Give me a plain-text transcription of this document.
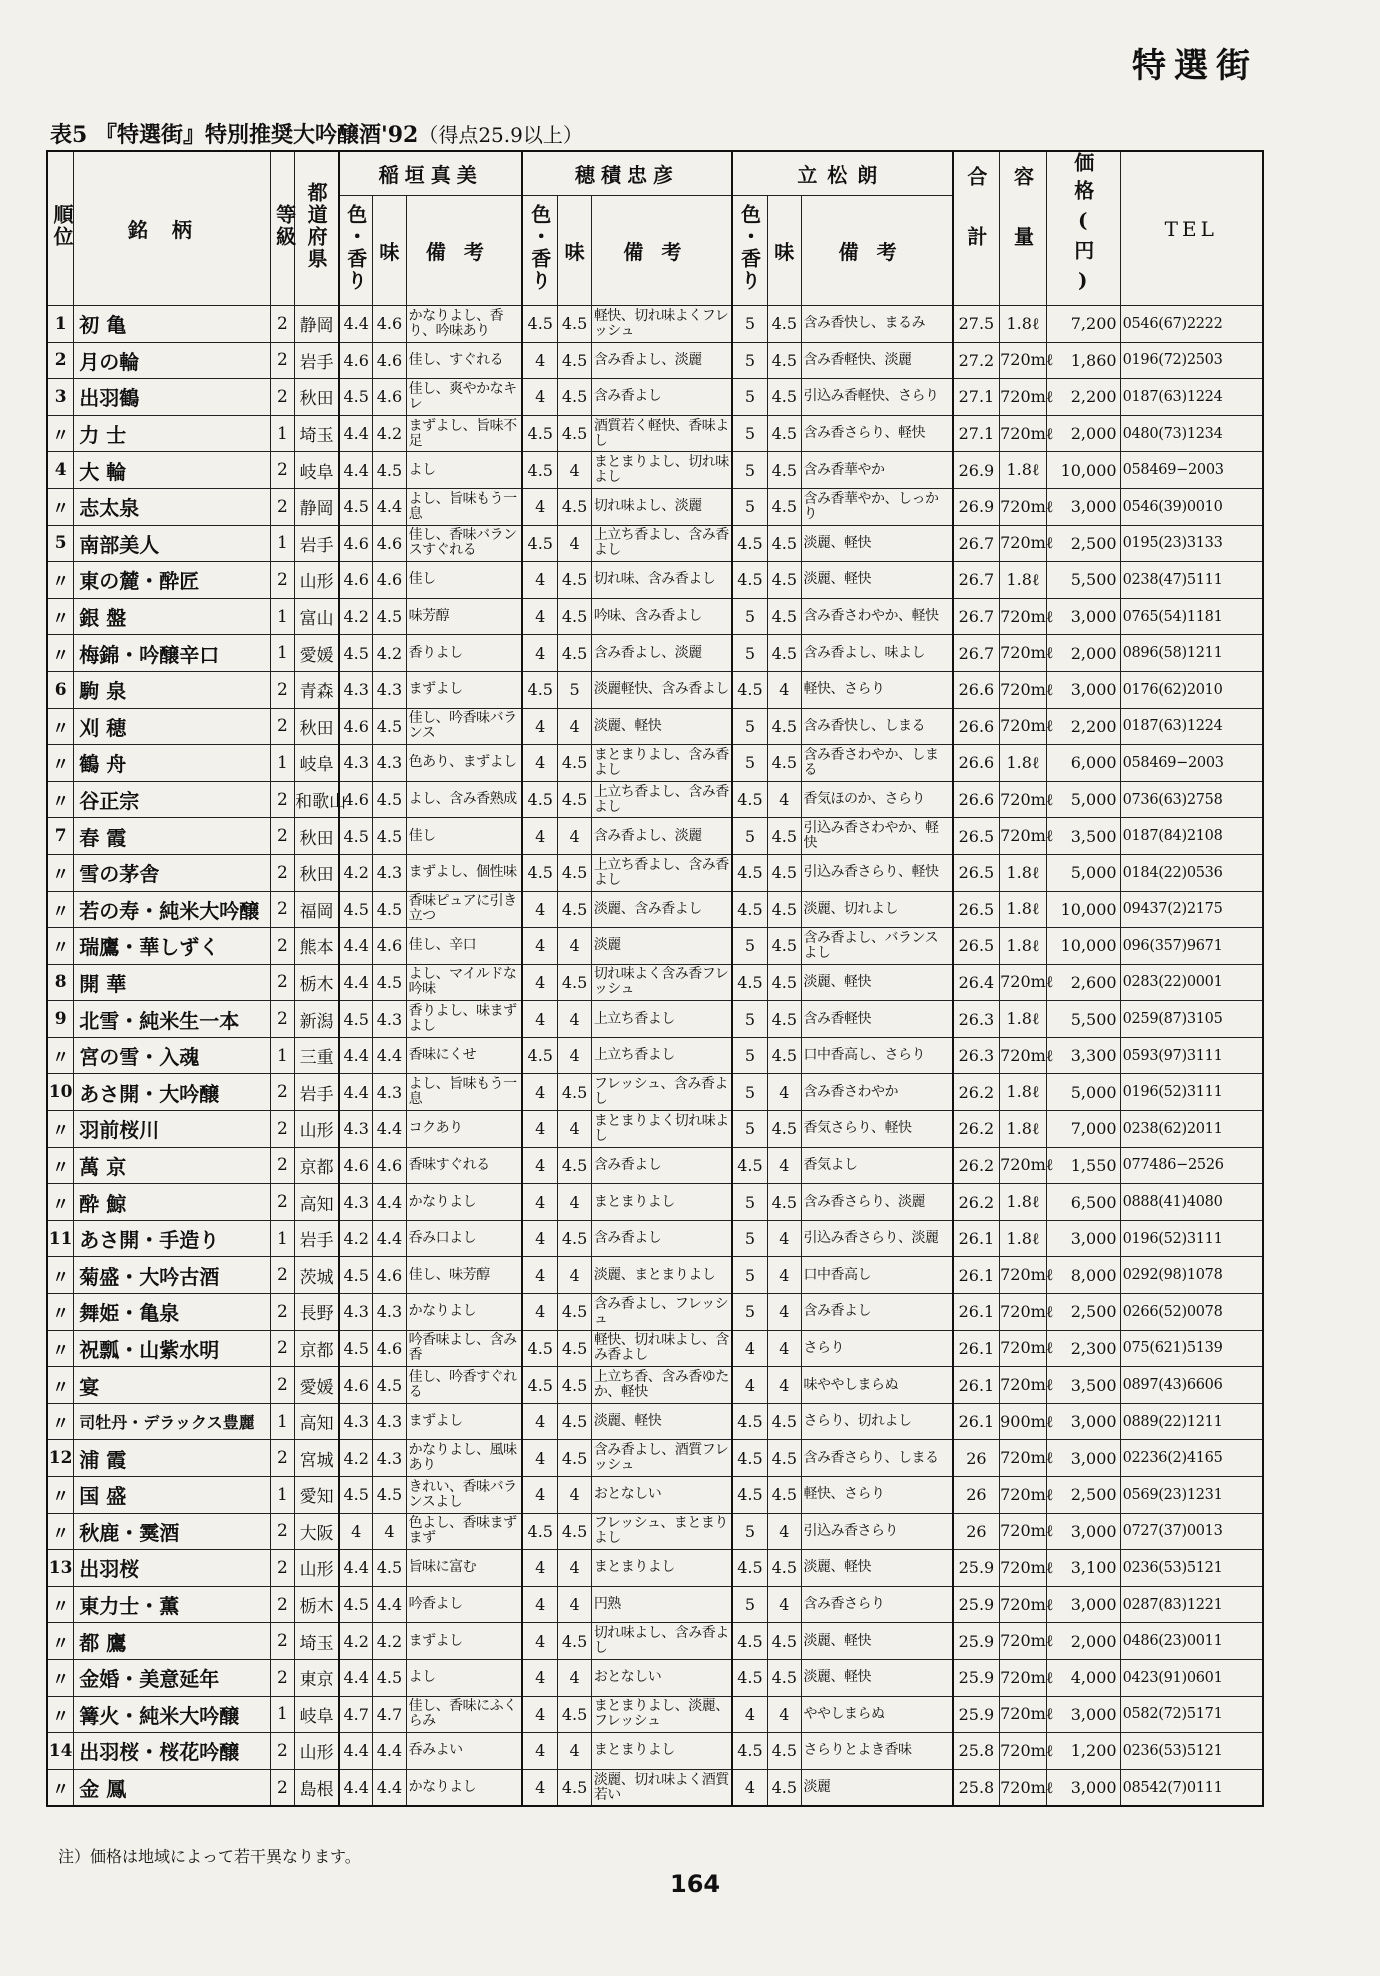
特選街
表5 『特選街』特別推奨大吟醸酒'92（得点25.9以上）
順位	銘柄	等級	都道府県	稲垣真美			穂積忠彦			立松朗			合計	容量	価格(円)	TEL
				色・香り	味	備考	色・香り	味	備考	色・香り	味	備考				
1	初 亀	2	静岡	4.4	4.6	かなりよし、香り、吟味あり	4.5	4.5	軽快、切れ味よくフレッシュ	5	4.5	含み香快し、まるみ	27.5	1.8ℓ	7,200	0546(67)2222
2	月の輪	2	岩手	4.6	4.6	佳し、すぐれる	4	4.5	含み香よし、淡麗	5	4.5	含み香軽快、淡麗	27.2	720mℓ	1,860	0196(72)2503
3	出羽鶴	2	秋田	4.5	4.6	佳し、爽やかなキレ	4	4.5	含み香よし	5	4.5	引込み香軽快、さらり	27.1	720mℓ	2,200	0187(63)1224
〃	力 士	1	埼玉	4.4	4.2	まずよし、旨味不足	4.5	4.5	酒質若く軽快、香味よし	5	4.5	含み香さらり、軽快	27.1	720mℓ	2,000	0480(73)1234
4	大 輪	2	岐阜	4.4	4.5	よし	4.5	4	まとまりよし、切れ味よし	5	4.5	含み香華やか	26.9	1.8ℓ	10,000	058469−2003
〃	志太泉	2	静岡	4.5	4.4	よし、旨味もう一息	4	4.5	切れ味よし、淡麗	5	4.5	含み香華やか、しっかり	26.9	720mℓ	3,000	0546(39)0010
5	南部美人	1	岩手	4.6	4.6	佳し、香味バランスすぐれる	4.5	4	上立ち香よし、含み香よし	4.5	4.5	淡麗、軽快	26.7	720mℓ	2,500	0195(23)3133
〃	東の麓・酔匠	2	山形	4.6	4.6	佳し	4	4.5	切れ味、含み香よし	4.5	4.5	淡麗、軽快	26.7	1.8ℓ	5,500	0238(47)5111
〃	銀 盤	1	富山	4.2	4.5	味芳醇	4	4.5	吟味、含み香よし	5	4.5	含み香さわやか、軽快	26.7	720mℓ	3,000	0765(54)1181
〃	梅錦・吟醸辛口	1	愛媛	4.5	4.2	香りよし	4	4.5	含み香よし、淡麗	5	4.5	含み香よし、味よし	26.7	720mℓ	2,000	0896(58)1211
6	駒 泉	2	青森	4.3	4.3	まずよし	4.5	5	淡麗軽快、含み香よし	4.5	4	軽快、さらり	26.6	720mℓ	3,000	0176(62)2010
〃	刈 穂	2	秋田	4.6	4.5	佳し、吟香味バランス	4	4	淡麗、軽快	5	4.5	含み香快し、しまる	26.6	720mℓ	2,200	0187(63)1224
〃	鶴 舟	1	岐阜	4.3	4.3	色あり、まずよし	4	4.5	まとまりよし、含み香よし	5	4.5	含み香さわやか、しまる	26.6	1.8ℓ	6,000	058469−2003
〃	谷正宗	2	和歌山	4.6	4.5	よし、含み香熟成	4.5	4.5	上立ち香よし、含み香よし	4.5	4	香気ほのか、さらり	26.6	720mℓ	5,000	0736(63)2758
7	春 霞	2	秋田	4.5	4.5	佳し	4	4	含み香よし、淡麗	5	4.5	引込み香さわやか、軽快	26.5	720mℓ	3,500	0187(84)2108
〃	雪の茅舎	2	秋田	4.2	4.3	まずよし、個性味	4.5	4.5	上立ち香よし、含み香よし	4.5	4.5	引込み香さらり、軽快	26.5	1.8ℓ	5,000	0184(22)0536
〃	若の寿・純米大吟醸	2	福岡	4.5	4.5	香味ピュアに引き立つ	4	4.5	淡麗、含み香よし	4.5	4.5	淡麗、切れよし	26.5	1.8ℓ	10,000	09437(2)2175
〃	瑞鷹・華しずく	2	熊本	4.4	4.6	佳し、辛口	4	4	淡麗	5	4.5	含み香よし、バランスよし	26.5	1.8ℓ	10,000	096(357)9671
8	開 華	2	栃木	4.4	4.5	よし、マイルドな吟味	4	4.5	切れ味よく含み香フレッシュ	4.5	4.5	淡麗、軽快	26.4	720mℓ	2,600	0283(22)0001
9	北雪・純米生一本	2	新潟	4.5	4.3	香りよし、味まずよし	4	4	上立ち香よし	5	4.5	含み香軽快	26.3	1.8ℓ	5,500	0259(87)3105
〃	宮の雪・入魂	1	三重	4.4	4.4	香味にくせ	4.5	4	上立ち香よし	5	4.5	口中香高し、さらり	26.3	720mℓ	3,300	0593(97)3111
10	あさ開・大吟醸	2	岩手	4.4	4.3	よし、旨味もう一息	4	4.5	フレッシュ、含み香よし	5	4	含み香さわやか	26.2	1.8ℓ	5,000	0196(52)3111
〃	羽前桜川	2	山形	4.3	4.4	コクあり	4	4	まとまりよく切れ味よし	5	4.5	香気さらり、軽快	26.2	1.8ℓ	7,000	0238(62)2011
〃	萬 京	2	京都	4.6	4.6	香味すぐれる	4	4.5	含み香よし	4.5	4	香気よし	26.2	720mℓ	1,550	077486−2526
〃	酔 鯨	2	高知	4.3	4.4	かなりよし	4	4	まとまりよし	5	4.5	含み香さらり、淡麗	26.2	1.8ℓ	6,500	0888(41)4080
11	あさ開・手造り	1	岩手	4.2	4.4	呑み口よし	4	4.5	含み香よし	5	4	引込み香さらり、淡麗	26.1	1.8ℓ	3,000	0196(52)3111
〃	菊盛・大吟古酒	2	茨城	4.5	4.6	佳し、味芳醇	4	4	淡麗、まとまりよし	5	4	口中香高し	26.1	720mℓ	8,000	0292(98)1078
〃	舞姫・亀泉	2	長野	4.3	4.3	かなりよし	4	4.5	含み香よし、フレッシュ	5	4	含み香よし	26.1	720mℓ	2,500	0266(52)0078
〃	祝瓢・山紫水明	2	京都	4.5	4.6	吟香味よし、含み香	4.5	4.5	軽快、切れ味よし、含み香よし	4	4	さらり	26.1	720mℓ	2,300	075(621)5139
〃	宴	2	愛媛	4.6	4.5	佳し、吟香すぐれる	4.5	4.5	上立ち香、含み香ゆたか、軽快	4	4	味ややしまらぬ	26.1	720mℓ	3,500	0897(43)6606
〃	司牡丹・デラックス豊麗	1	高知	4.3	4.3	まずよし	4	4.5	淡麗、軽快	4.5	4.5	さらり、切れよし	26.1	900mℓ	3,000	0889(22)1211
12	浦 霞	2	宮城	4.2	4.3	かなりよし、風味あり	4	4.5	含み香よし、酒質フレッシュ	4.5	4.5	含み香さらり、しまる	26	720mℓ	3,000	02236(2)4165
〃	国 盛	1	愛知	4.5	4.5	きれい、香味バランスよし	4	4	おとなしい	4.5	4.5	軽快、さらり	26	720mℓ	2,500	0569(23)1231
〃	秋鹿・霙酒	2	大阪	4	4	色よし、香味まずまず	4.5	4.5	フレッシュ、まとまりよし	5	4	引込み香さらり	26	720mℓ	3,000	0727(37)0013
13	出羽桜	2	山形	4.4	4.5	旨味に富む	4	4	まとまりよし	4.5	4.5	淡麗、軽快	25.9	720mℓ	3,100	0236(53)5121
〃	東力士・薫	2	栃木	4.5	4.4	吟香よし	4	4	円熟	5	4	含み香さらり	25.9	720mℓ	3,000	0287(83)1221
〃	都 鷹	2	埼玉	4.2	4.2	まずよし	4	4.5	切れ味よし、含み香よし	4.5	4.5	淡麗、軽快	25.9	720mℓ	2,000	0486(23)0011
〃	金婚・美意延年	2	東京	4.4	4.5	よし	4	4	おとなしい	4.5	4.5	淡麗、軽快	25.9	720mℓ	4,000	0423(91)0601
〃	篝火・純米大吟醸	1	岐阜	4.7	4.7	佳し、香味にふくらみ	4	4.5	まとまりよし、淡麗、フレッシュ	4	4	ややしまらぬ	25.9	720mℓ	3,000	0582(72)5171
14	出羽桜・桜花吟醸	2	山形	4.4	4.4	呑みよい	4	4	まとまりよし	4.5	4.5	さらりとよき香味	25.8	720mℓ	1,200	0236(53)5121
〃	金 鳳	2	島根	4.4	4.4	かなりよし	4	4.5	淡麗、切れ味よく酒質若い	4	4.5	淡麗	25.8	720mℓ	3,000	08542(7)0111
注）価格は地域によって若干異なります。
164
